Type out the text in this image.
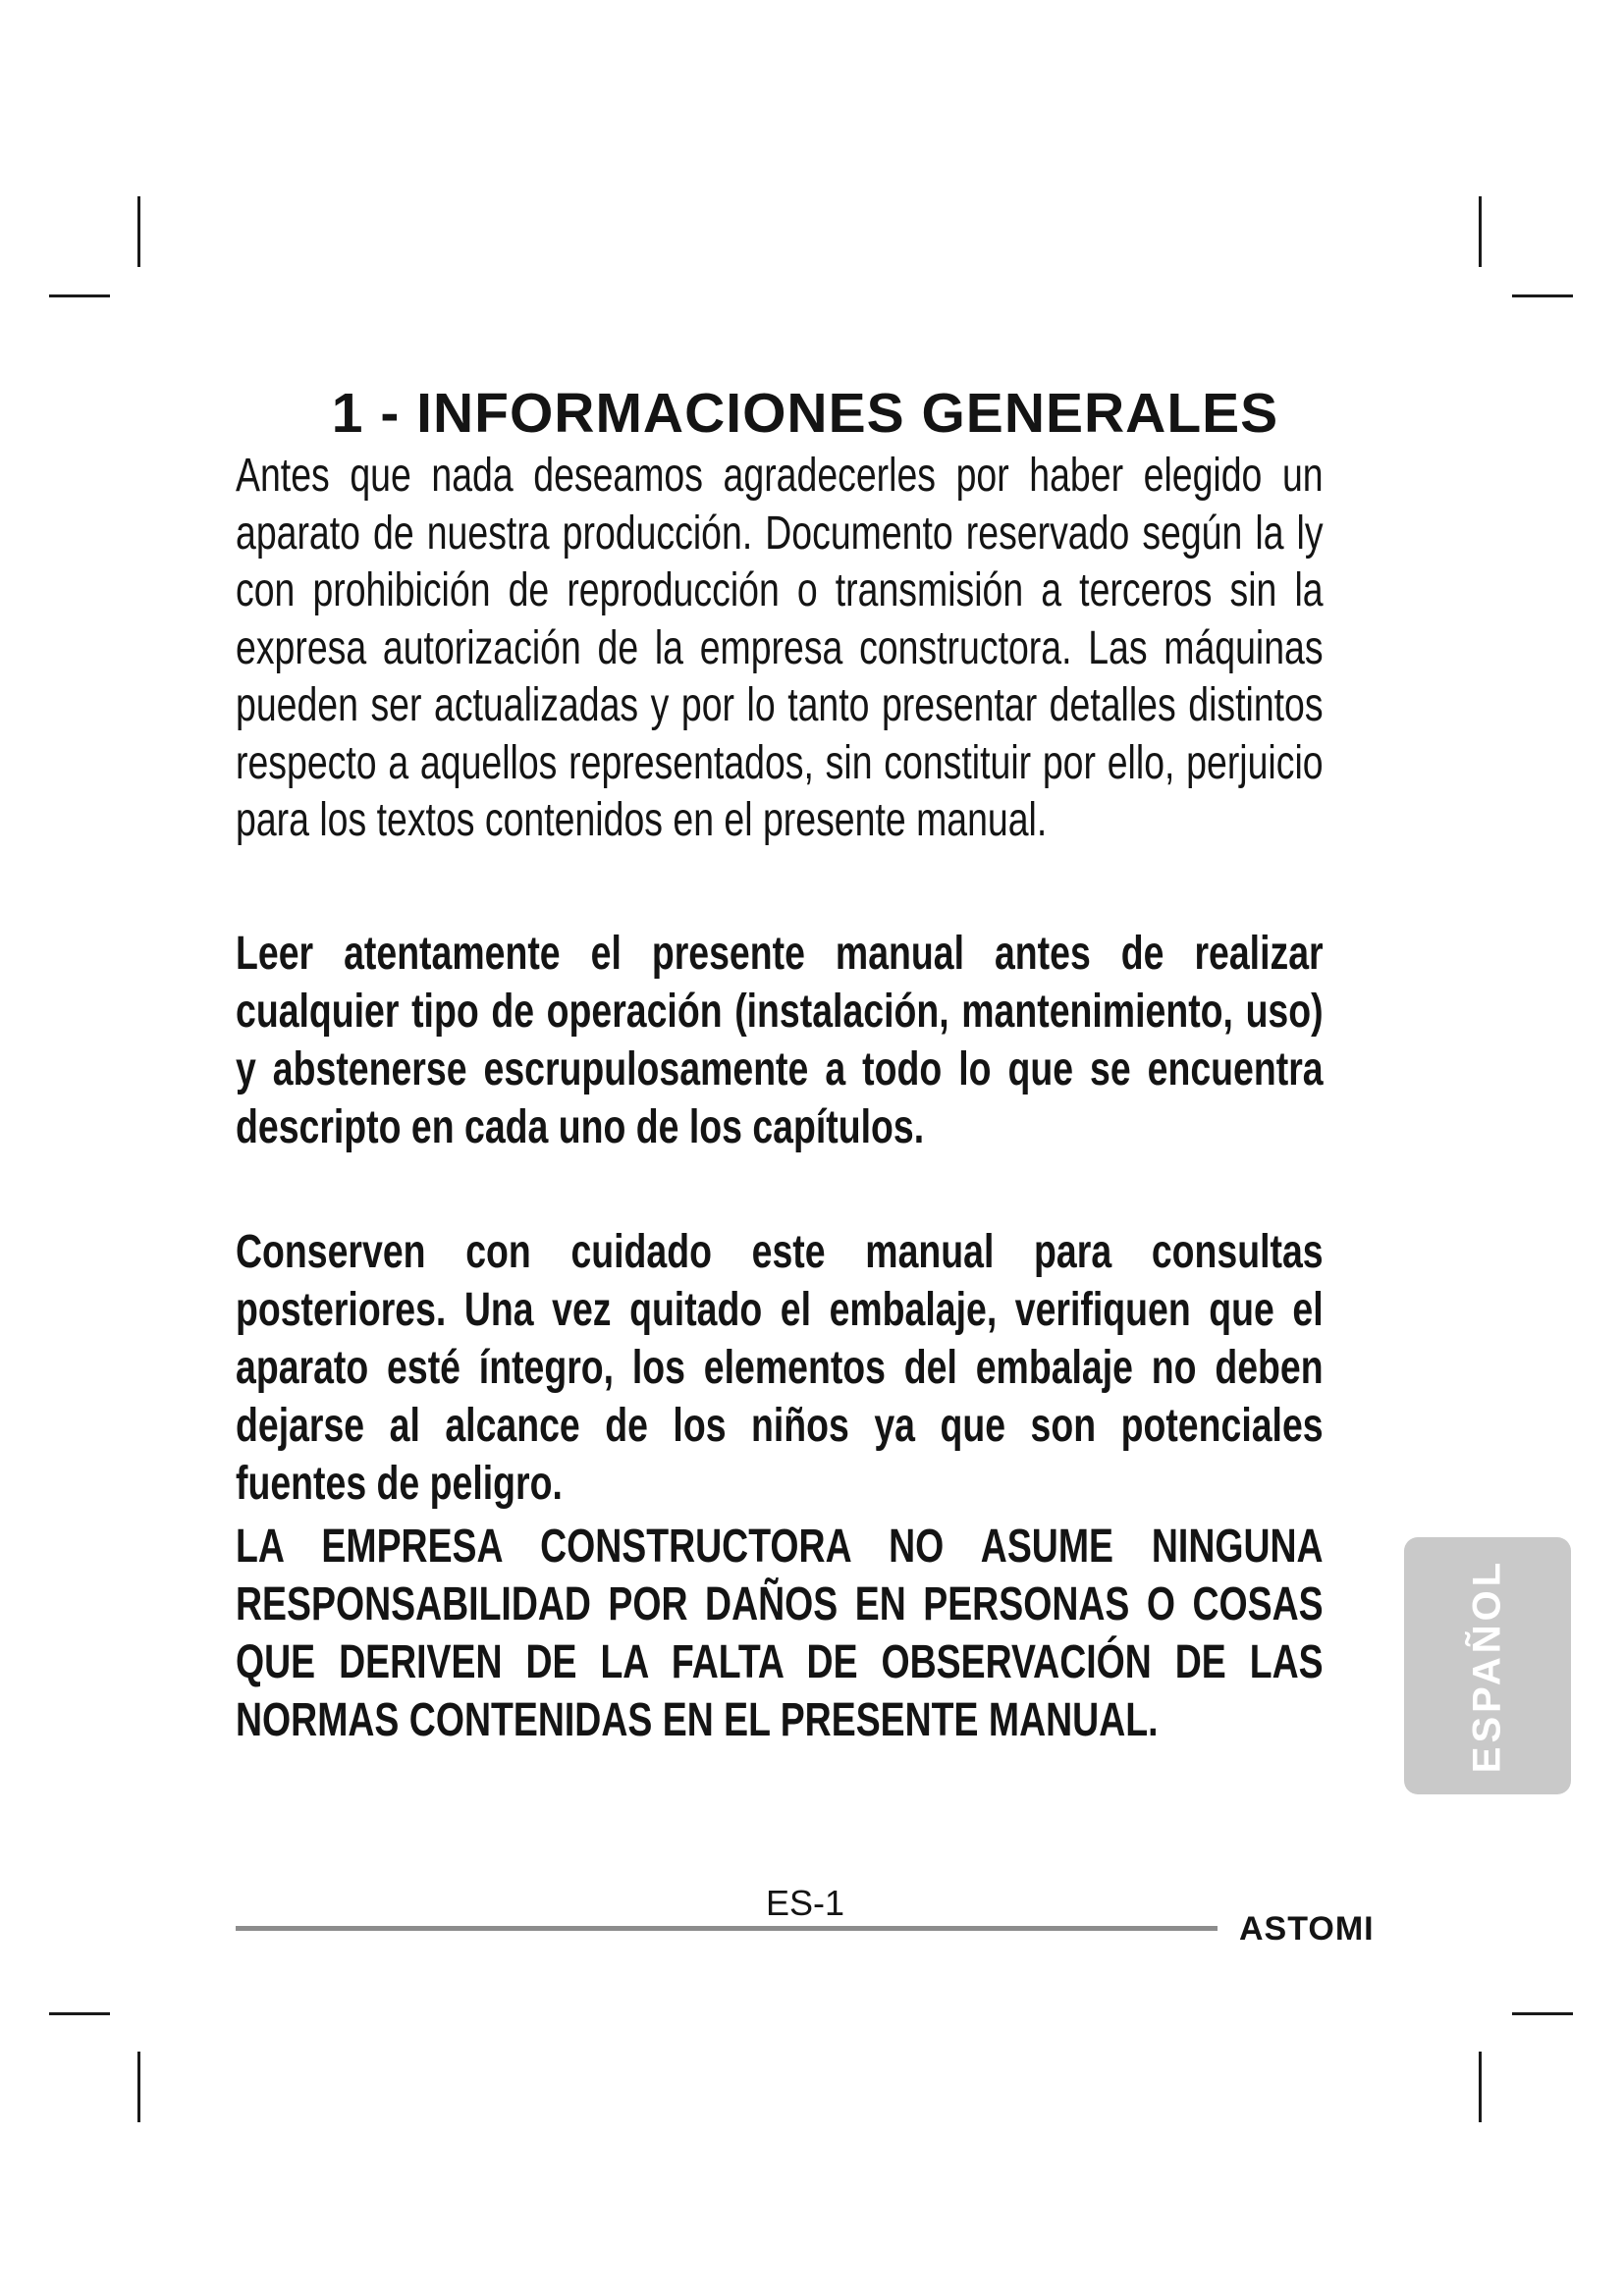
1 - INFORMACIONES GENERALES

Antes que nada deseamos agradecerles por haber elegido un aparato de nuestra producción. Documento reservado según la ly con prohibición de reproducción o transmisión a terceros sin la expresa autorización de la empresa constructora. Las máquinas pueden ser actualizadas y por lo tanto presentar detalles distintos respecto a aquellos representados, sin constituir por ello, perjuicio para los textos contenidos en el presente manual.

Leer atentamente el presente manual antes de realizar cualquier tipo de operación (instalación, mantenimiento, uso) y abstenerse escrupulosamente a todo lo que se encuentra descripto en cada uno de los capítulos.

Conserven con cuidado este manual para consultas posteriores. Una vez quitado el embalaje, verifiquen que el aparato esté íntegro, los elementos del embalaje no deben dejarse al alcance de los niños ya que son potenciales fuentes de peligro.

LA EMPRESA CONSTRUCTORA NO ASUME NINGUNA RESPONSABILIDAD POR DAÑOS EN PERSONAS O COSAS QUE DERIVEN DE LA FALTA DE OBSERVACIÓN DE LAS NORMAS CONTENIDAS EN EL PRESENTE MANUAL.	ESPAÑOL
ES-1
ASTOMI
